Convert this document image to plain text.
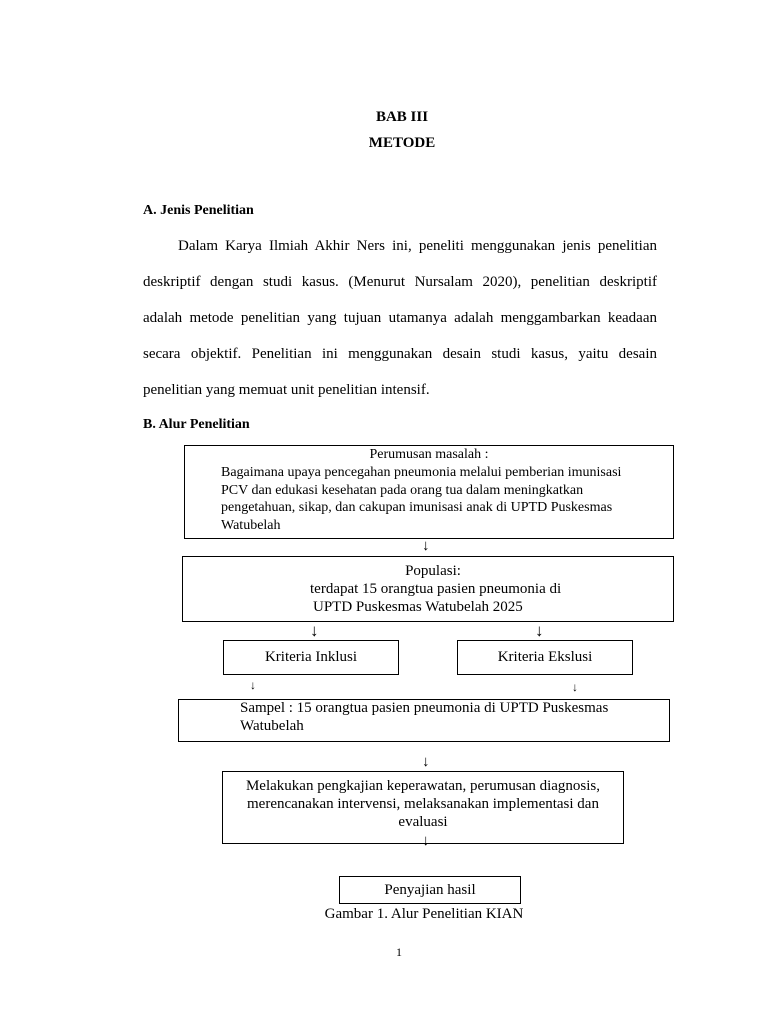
BAB III
METODE
A. Jenis Penelitian
Dalam Karya Ilmiah Akhir Ners ini, peneliti menggunakan jenis penelitian
deskriptif dengan studi kasus. (Menurut Nursalam 2020), penelitian deskriptif
adalah metode penelitian yang tujuan utamanya adalah menggambarkan keadaan
secara objektif. Penelitian ini menggunakan desain studi kasus, yaitu desain
penelitian yang memuat unit penelitian intensif.
B. Alur Penelitian
Perumusan masalah :
Bagaimana upaya pencegahan pneumonia melalui pemberian imunisasi
PCV dan edukasi kesehatan pada orang tua dalam meningkatkan
pengetahuan, sikap, dan cakupan imunisasi anak di UPTD Puskesmas
Watubelah
↓
Populasi:
terdapat 15 orangtua pasien pneumonia di
UPTD Puskesmas Watubelah 2025
↓	↓
Kriteria Inklusi	Kriteria Ekslusi
↓	↓
Sampel : 15 orangtua pasien pneumonia di UPTD Puskesmas
Watubelah
↓
Melakukan pengkajian keperawatan, perumusan diagnosis,
merencanakan intervensi, melaksanakan implementasi dan
evaluasi
↓
Penyajian hasil
Gambar 1. Alur Penelitian KIAN
1
